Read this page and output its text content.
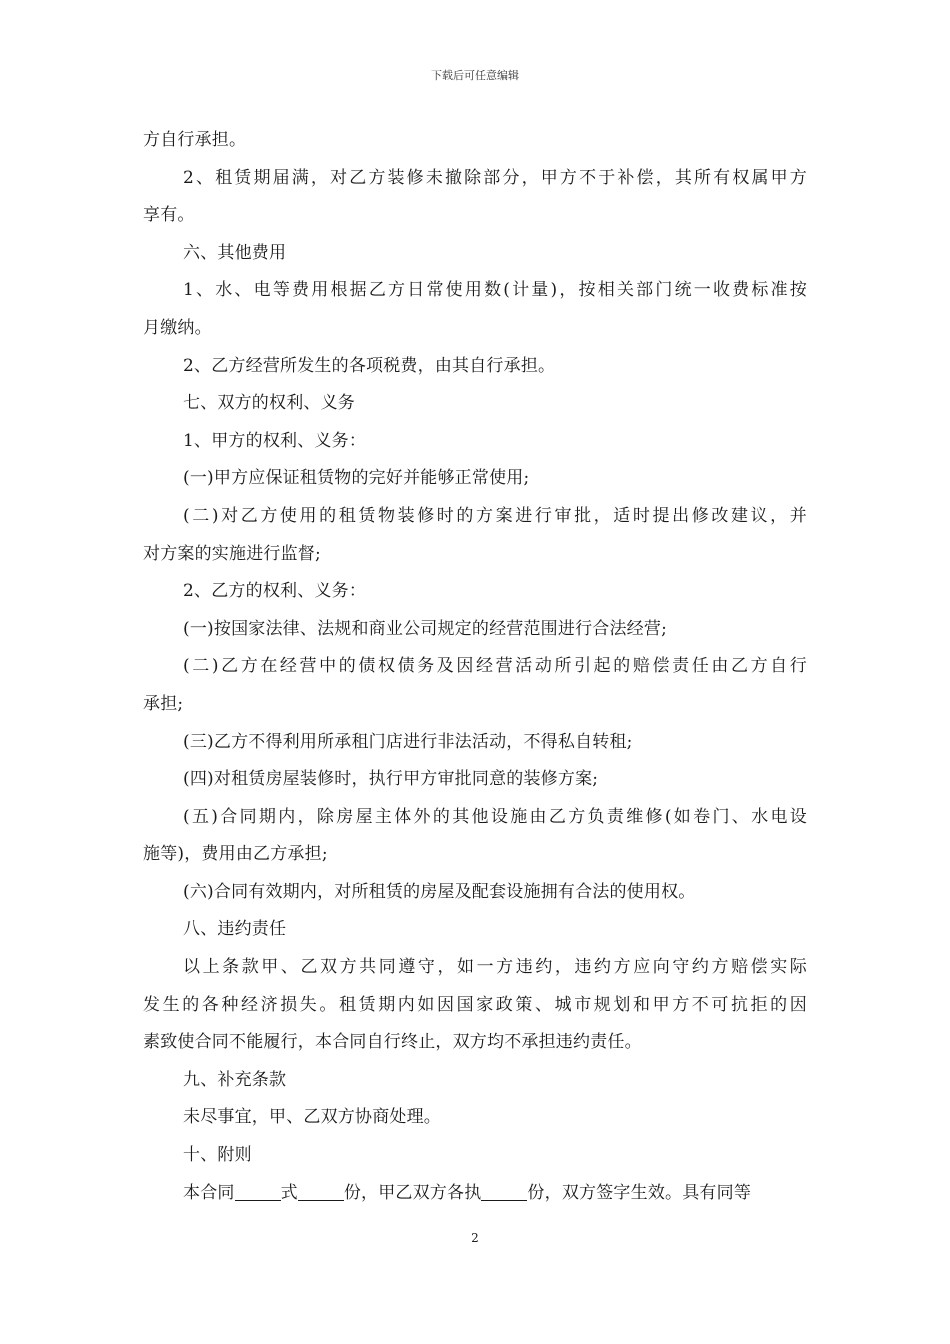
下载后可任意编辑
方自行承担。
2、租赁期届满，对乙方装修未撤除部分，甲方不于补偿，其所有权属甲方
享有。
六、其他费用
1、水、电等费用根据乙方日常使用数(计量)，按相关部门统一收费标准按
月缴纳。
2、乙方经营所发生的各项税费，由其自行承担。
七、双方的权利、义务
1、甲方的权利、义务：
(一)甲方应保证租赁物的完好并能够正常使用;
(二)对乙方使用的租赁物装修时的方案进行审批，适时提出修改建议，并
对方案的实施进行监督;
2、乙方的权利、义务：
(一)按国家法律、法规和商业公司规定的经营范围进行合法经营;
(二)乙方在经营中的债权债务及因经营活动所引起的赔偿责任由乙方自行
承担;
(三)乙方不得利用所承租门店进行非法活动，不得私自转租;
(四)对租赁房屋装修时，执行甲方审批同意的装修方案;
(五)合同期内，除房屋主体外的其他设施由乙方负责维修(如卷门、水电设
施等)，费用由乙方承担;
(六)合同有效期内，对所租赁的房屋及配套设施拥有合法的使用权。
八、违约责任
以上条款甲、乙双方共同遵守，如一方违约，违约方应向守约方赔偿实际
发生的各种经济损失。租赁期内如因国家政策、城市规划和甲方不可抗拒的因
素致使合同不能履行，本合同自行终止，双方均不承担违约责任。
九、补充条款
未尽事宜，甲、乙双方协商处理。
十、附则
本合同	式	份，甲乙双方各执	份，双方签字生效。具有同等
2
